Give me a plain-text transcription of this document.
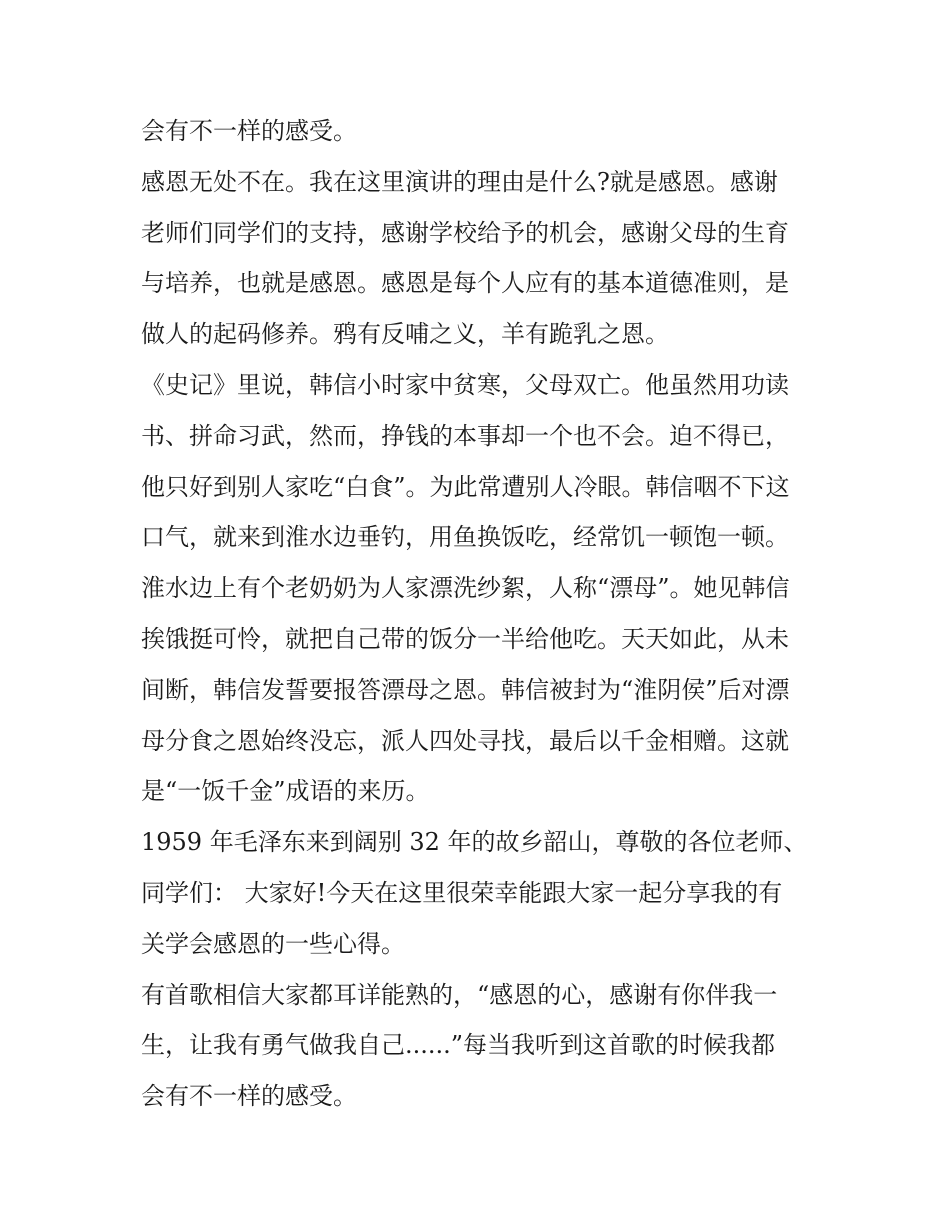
会有不一样的感受。
感恩无处不在。我在这里演讲的理由是什么?就是感恩。感谢
老师们同学们的支持，感谢学校给予的机会，感谢父母的生育
与培养，也就是感恩。感恩是每个人应有的基本道德准则，是
做人的起码修养。鸦有反哺之义，羊有跪乳之恩。
《史记》里说，韩信小时家中贫寒，父母双亡。他虽然用功读
书、拼命习武，然而，挣钱的本事却一个也不会。迫不得已，
他只好到别人家吃“白食”。为此常遭别人冷眼。韩信咽不下这
口气，就来到淮水边垂钓，用鱼换饭吃，经常饥一顿饱一顿。
淮水边上有个老奶奶为人家漂洗纱絮，人称“漂母”。她见韩信
挨饿挺可怜，就把自己带的饭分一半给他吃。天天如此，从未
间断，韩信发誓要报答漂母之恩。韩信被封为“淮阴侯”后对漂
母分食之恩始终没忘，派人四处寻找，最后以千金相赠。这就
是“一饭千金”成语的来历。
1959 年毛泽东来到阔别 32 年的故乡韶山，尊敬的各位老师、
同学们： 大家好!今天在这里很荣幸能跟大家一起分享我的有
关学会感恩的一些心得。
有首歌相信大家都耳详能熟的，“感恩的心，感谢有你伴我一
生，让我有勇气做我自己......”每当我听到这首歌的时候我都
会有不一样的感受。
